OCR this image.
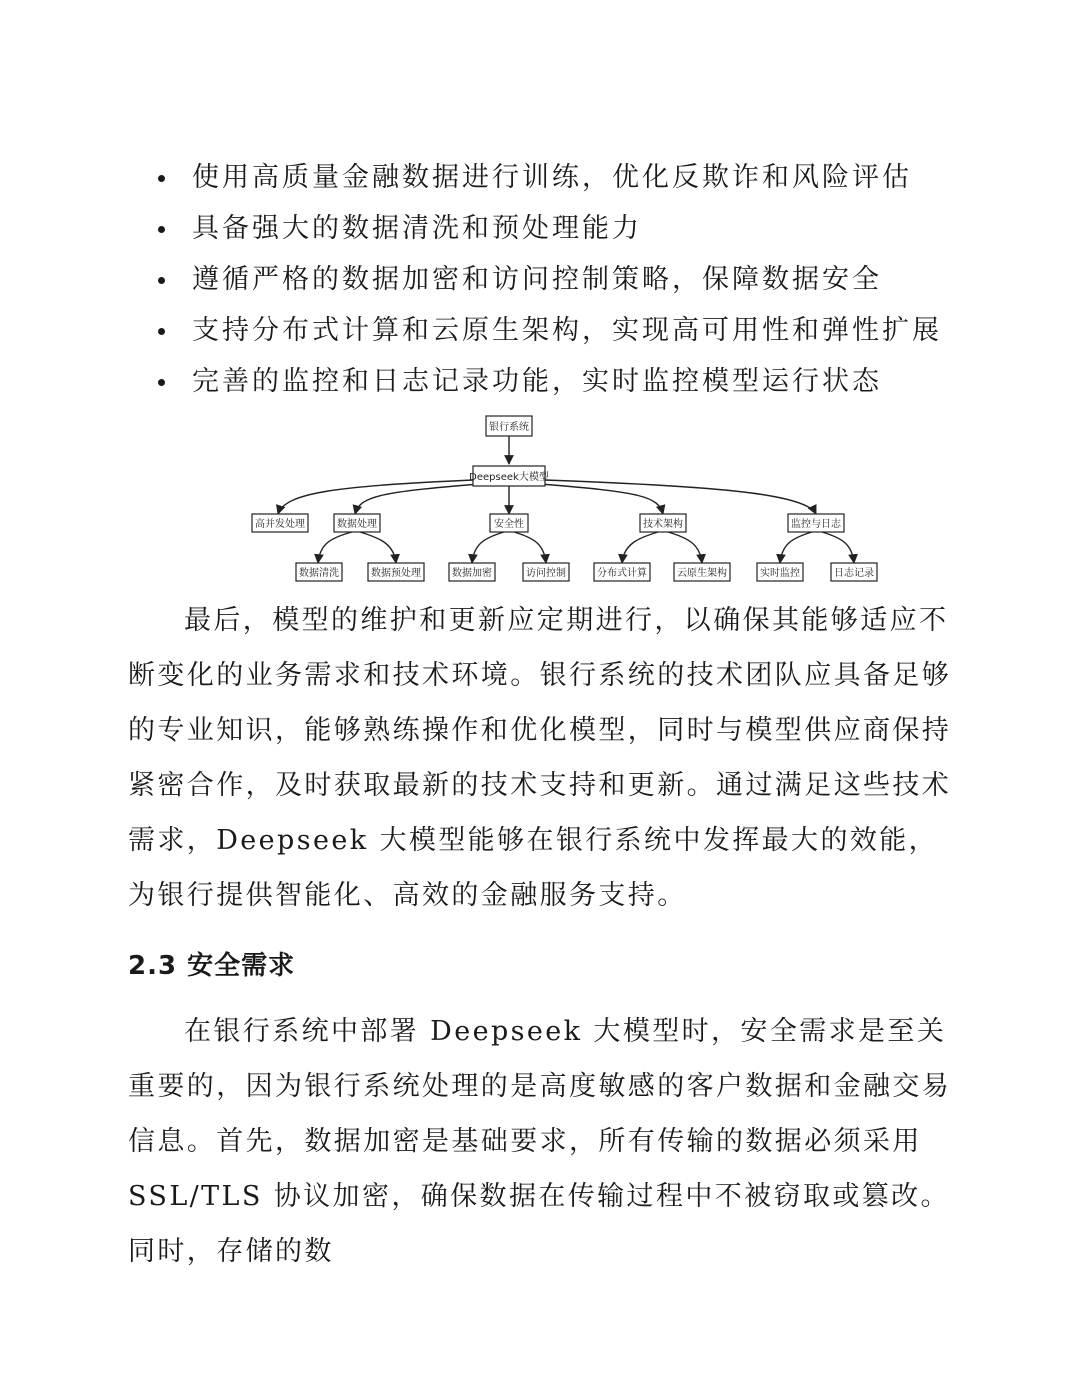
使用高质量金融数据进行训练，优化反欺诈和风险评估
具备强大的数据清洗和预处理能力
遵循严格的数据加密和访问控制策略，保障数据安全
支持分布式计算和云原生架构，实现高可用性和弹性扩展
完善的监控和日志记录功能，实时监控模型运行状态
银行系统
Deepseek大模型
高并发处理	数据处理	安全性	技术架构	监控与日志
数据清洗	数据预处理	数据加密	访问控制	分布式计算	云原生架构	实时监控	日志记录

最后，模型的维护和更新应定期进行，以确保其能够适应不断变化的业务需求和技术环境。银行系统的技术团队应具备足够的专业知识，能够熟练操作和优化模型，同时与模型供应商保持紧密合作，及时获取最新的技术支持和更新。通过满足这些技术需求，Deepseek 大模型能够在银行系统中发挥最大的效能，为银行提供智能化、高效的金融服务支持。

2.3 安全需求

在银行系统中部署 Deepseek 大模型时，安全需求是至关重要的，因为银行系统处理的是高度敏感的客户数据和金融交易信息。首先，数据加密是基础要求，所有传输的数据必须采用 SSL/TLS 协议加密，确保数据在传输过程中不被窃取或篡改。同时，存储的数
